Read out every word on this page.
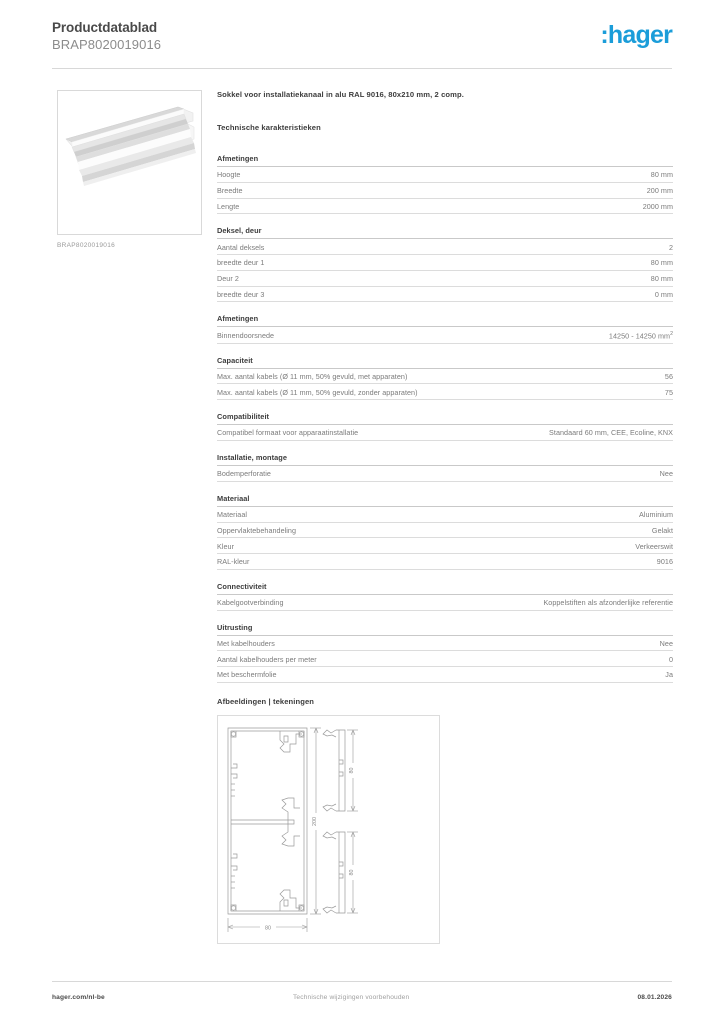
Productdatablad
BRAP8020019016	:hager
BRAP8020019016
Sokkel voor installatiekanaal in alu RAL 9016, 80x210 mm, 2 comp.
Technische karakteristieken
Afmetingen
Hoogte	80 mm
Breedte	200 mm
Lengte	2000 mm
Deksel, deur
Aantal deksels	2
breedte deur 1	80 mm
Deur 2	80 mm
breedte deur 3	0 mm
Afmetingen
Binnendoorsnede	14250 - 14250 $mm^2$
Capaciteit
Max. aantal kabels (Ø 11 mm, 50% gevuld, met apparaten)	56
Max. aantal kabels (Ø 11 mm, 50% gevuld, zonder apparaten)	75
Compatibiliteit
Compatibel formaat voor apparaatinstallatie	Standaard 60 mm, CEE, Ecoline, KNX
Installatie, montage
Bodemperforatie	Nee
Materiaal
Materiaal	Aluminium
Oppervlaktebehandeling	Gelakt
Kleur	Verkeerswit
RAL-kleur	9016
Connectiviteit
Kabelgootverbinding	Koppelstiften als afzonderlijke referentie
Uitrusting
Met kabelhouders	Nee
Aantal kabelhouders per meter	0
Met beschermfolie	Ja
Afbeeldingen | tekeningen
80
200
80
80
hager.com/nl-be	Technische wijzigingen voorbehouden	08.01.2026
